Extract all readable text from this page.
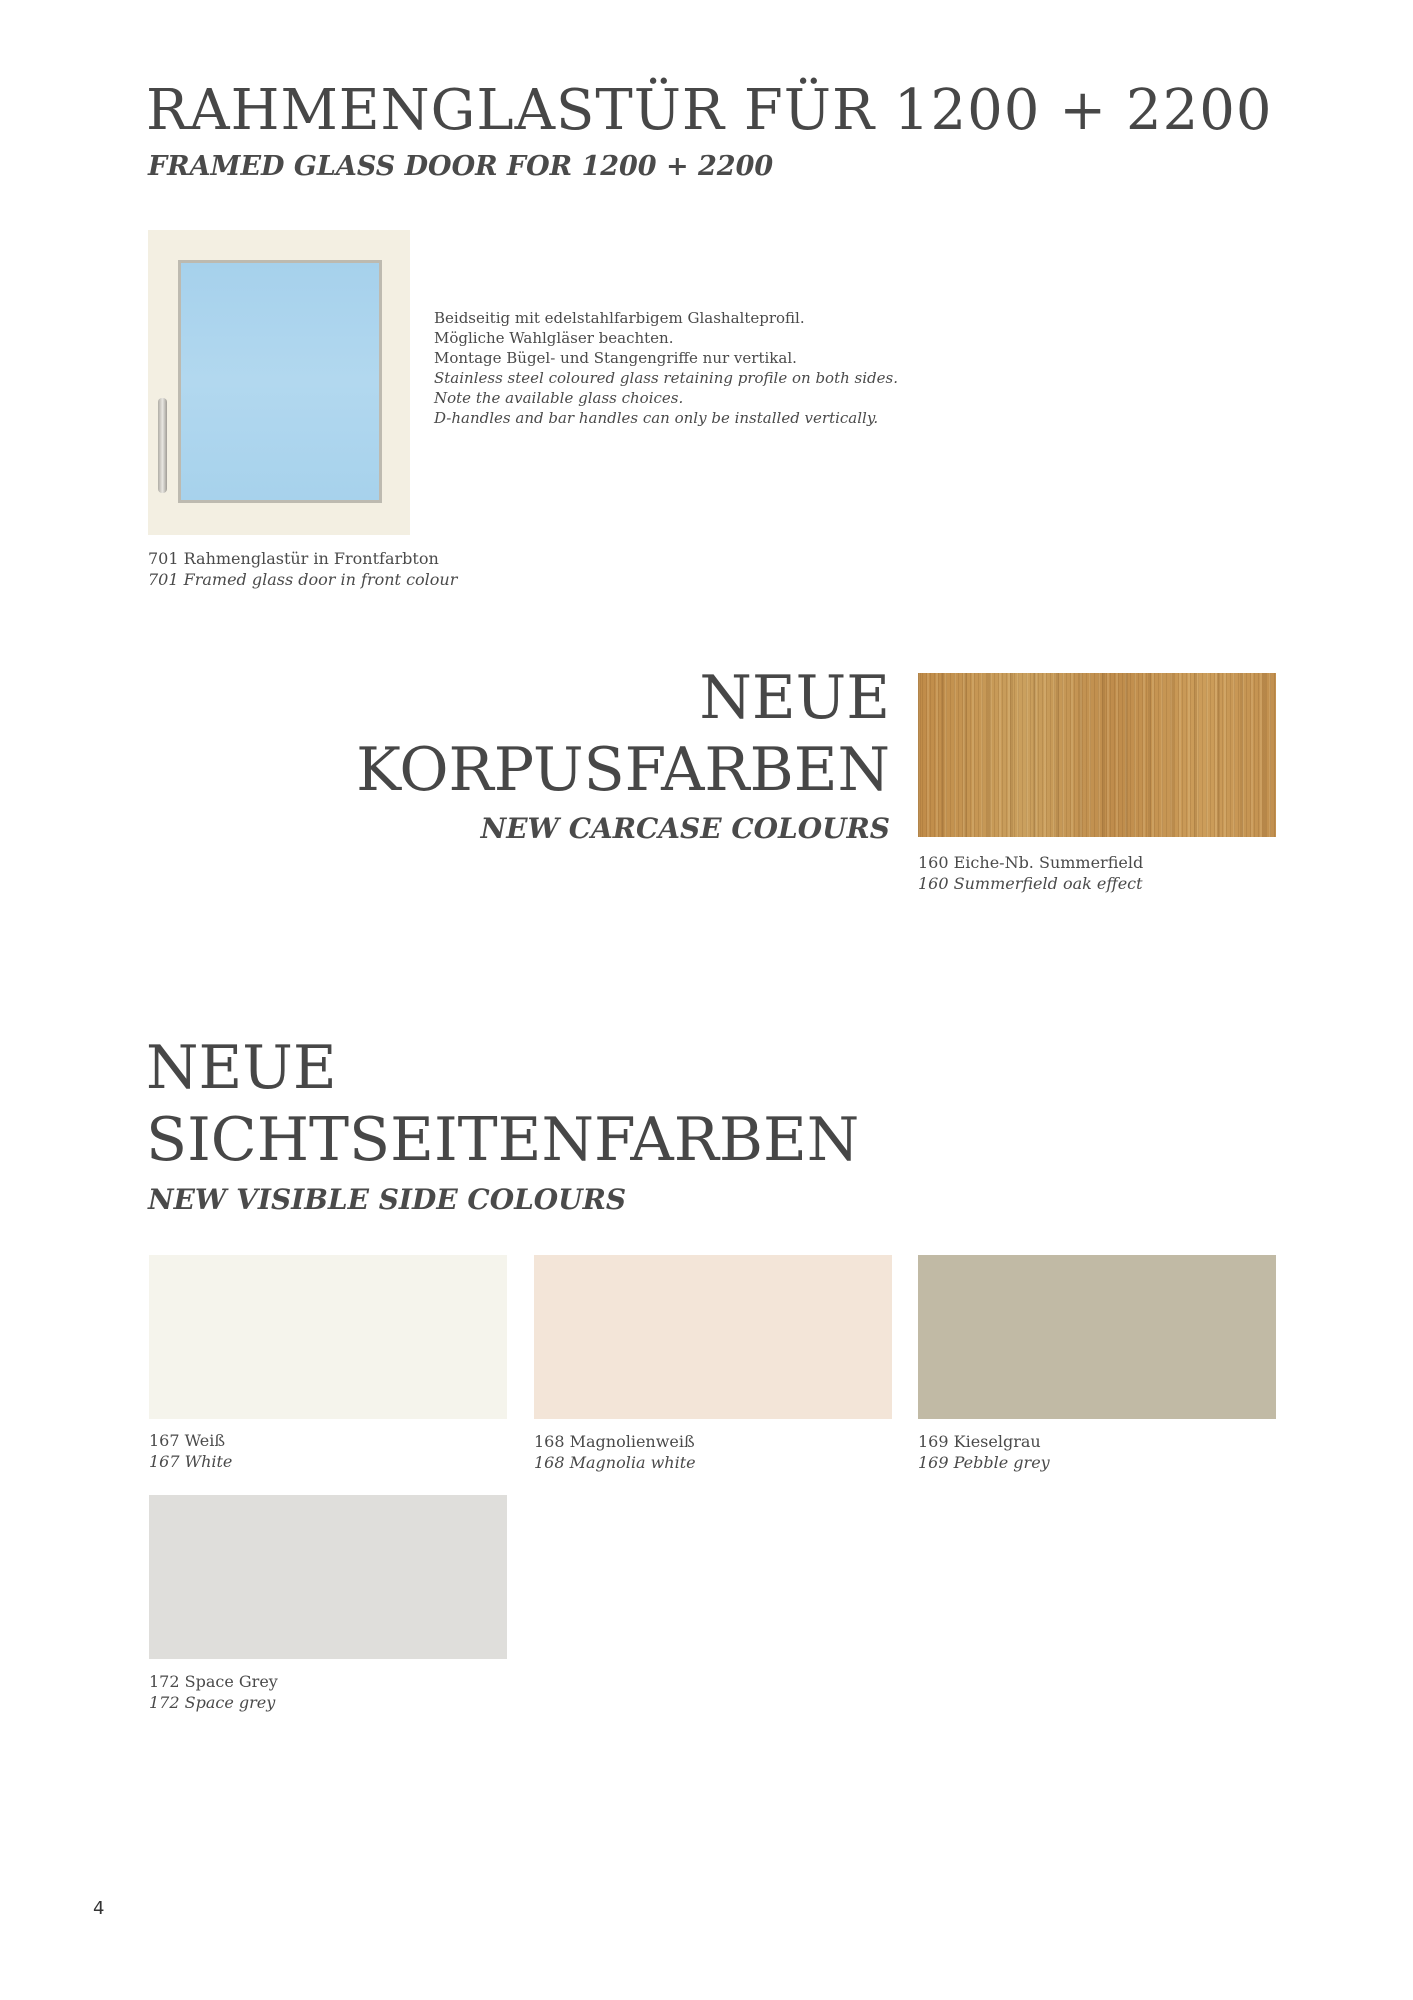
RAHMENGLASTÜR FÜR 1200 + 2200
FRAMED GLASS DOOR FOR 1200 + 2200
Beidseitig mit edelstahlfarbigem Glashalteprofil.
Mögliche Wahlgläser beachten.
Montage Bügel- und Stangengriffe nur vertikal.
Stainless steel coloured glass retaining profile on both sides.
Note the available glass choices.
D-handles and bar handles can only be installed vertically.
701 Rahmenglastür in Frontfarbton
701 Framed glass door in front colour
NEUE
KORPUSFARBEN
NEW CARCASE COLOURS
160 Eiche-Nb. Summerfield
160 Summerfield oak effect
NEUE
SICHTSEITENFARBEN
NEW VISIBLE SIDE COLOURS
167 Weiß
167 White
168 Magnolienweiß
168 Magnolia white
169 Kieselgrau
169 Pebble grey
172 Space Grey
172 Space grey
4
